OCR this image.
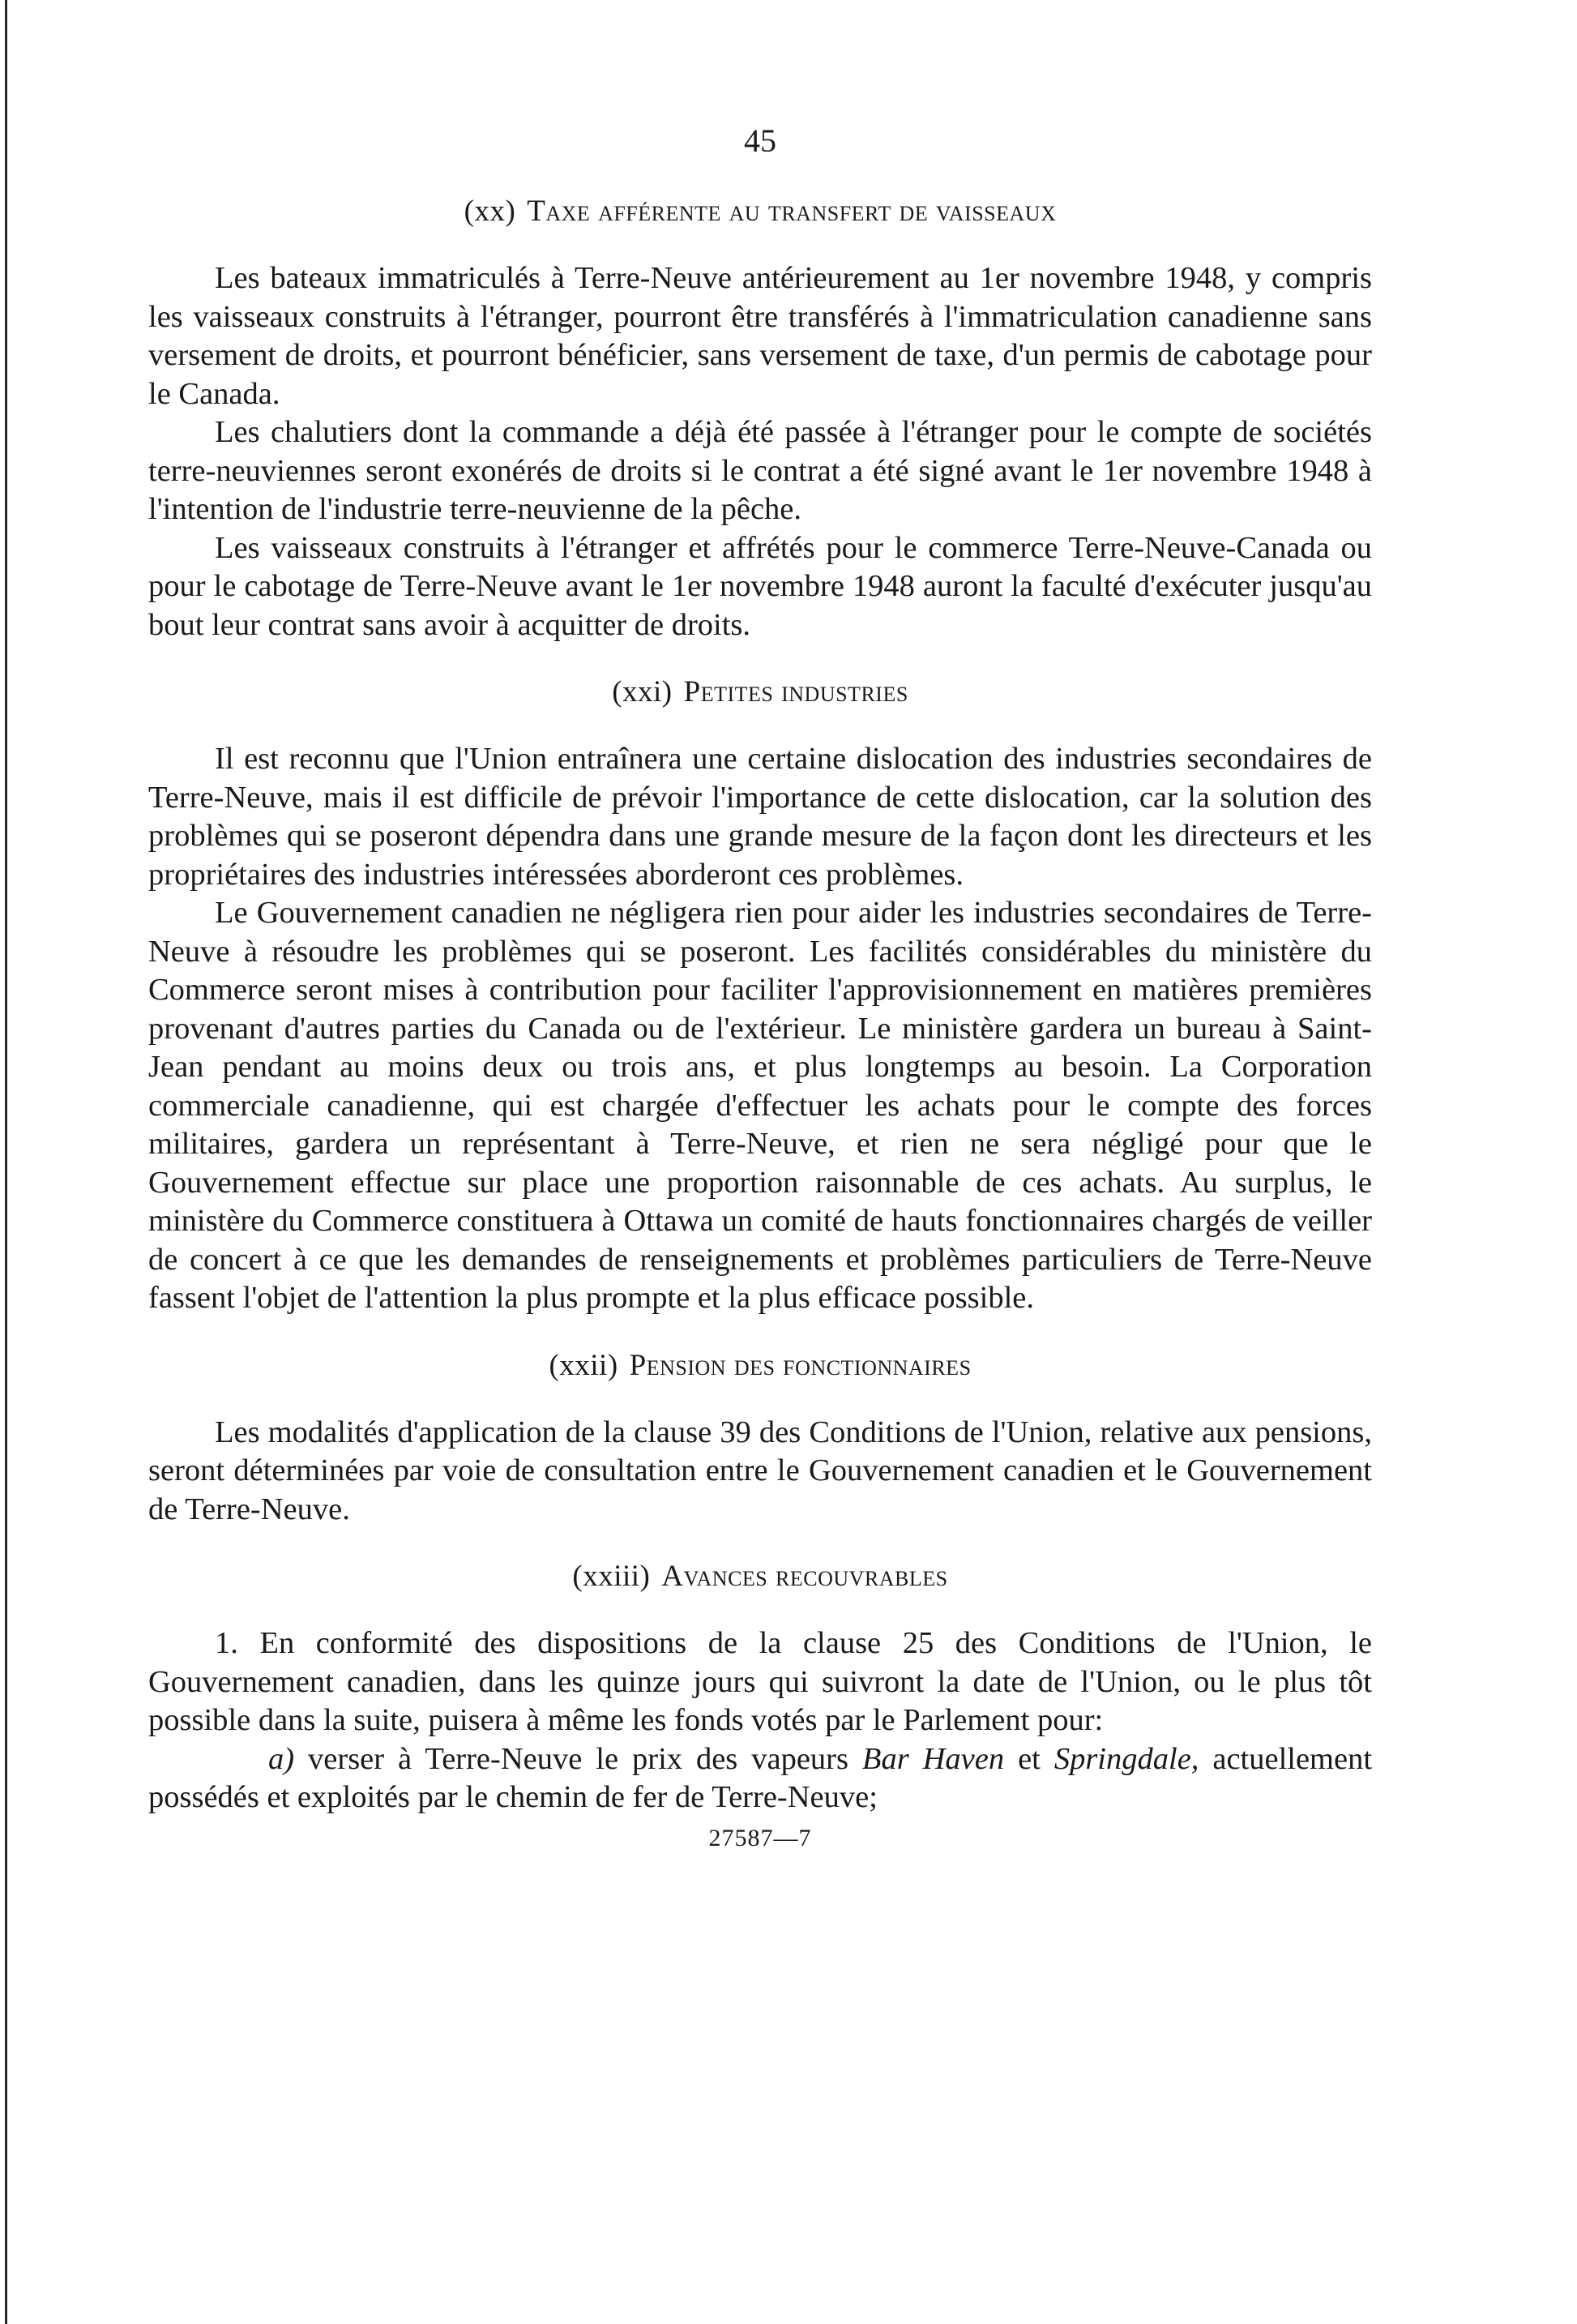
45
(xx) Taxe afférente au transfert de vaisseaux

Les bateaux immatriculés à Terre-Neuve antérieurement au 1er novembre 1948, y compris les vaisseaux construits à l'étranger, pourront être transférés à l'immatriculation canadienne sans versement de droits, et pourront bénéficier, sans versement de taxe, d'un permis de cabotage pour le Canada.

Les chalutiers dont la commande a déjà été passée à l'étranger pour le compte de sociétés terre-neuviennes seront exonérés de droits si le contrat a été signé avant le 1er novembre 1948 à l'intention de l'industrie terre-neuvienne de la pêche.

Les vaisseaux construits à l'étranger et affrétés pour le commerce Terre-Neuve-Canada ou pour le cabotage de Terre-Neuve avant le 1er novembre 1948 auront la faculté d'exécuter jusqu'au bout leur contrat sans avoir à acquitter de droits.

(xxi) Petites industries

Il est reconnu que l'Union entraînera une certaine dislocation des industries secondaires de Terre-Neuve, mais il est difficile de prévoir l'importance de cette dislocation, car la solution des problèmes qui se poseront dépendra dans une grande mesure de la façon dont les directeurs et les propriétaires des industries intéressées aborderont ces problèmes.

Le Gouvernement canadien ne négligera rien pour aider les industries secondaires de Terre-Neuve à résoudre les problèmes qui se poseront. Les facilités considérables du ministère du Commerce seront mises à contribution pour faciliter l'approvisionnement en matières premières provenant d'autres parties du Canada ou de l'extérieur. Le ministère gardera un bureau à Saint-Jean pendant au moins deux ou trois ans, et plus longtemps au besoin. La Corporation commerciale canadienne, qui est chargée d'effectuer les achats pour le compte des forces militaires, gardera un représentant à Terre-Neuve, et rien ne sera négligé pour que le Gouvernement effectue sur place une proportion raisonnable de ces achats. Au surplus, le ministère du Commerce constituera à Ottawa un comité de hauts fonctionnaires chargés de veiller de concert à ce que les demandes de renseignements et problèmes particuliers de Terre-Neuve fassent l'objet de l'attention la plus prompte et la plus efficace possible.

(xxii) Pension des fonctionnaires

Les modalités d'application de la clause 39 des Conditions de l'Union, relative aux pensions, seront déterminées par voie de consultation entre le Gouvernement canadien et le Gouvernement de Terre-Neuve.

(xxiii) Avances recouvrables

1. En conformité des dispositions de la clause 25 des Conditions de l'Union, le Gouvernement canadien, dans les quinze jours qui suivront la date de l'Union, ou le plus tôt possible dans la suite, puisera à même les fonds votés par le Parlement pour:

a) verser à Terre-Neuve le prix des vapeurs Bar Haven et Springdale, actuellement possédés et exploités par le chemin de fer de Terre-Neuve;

27587—7
